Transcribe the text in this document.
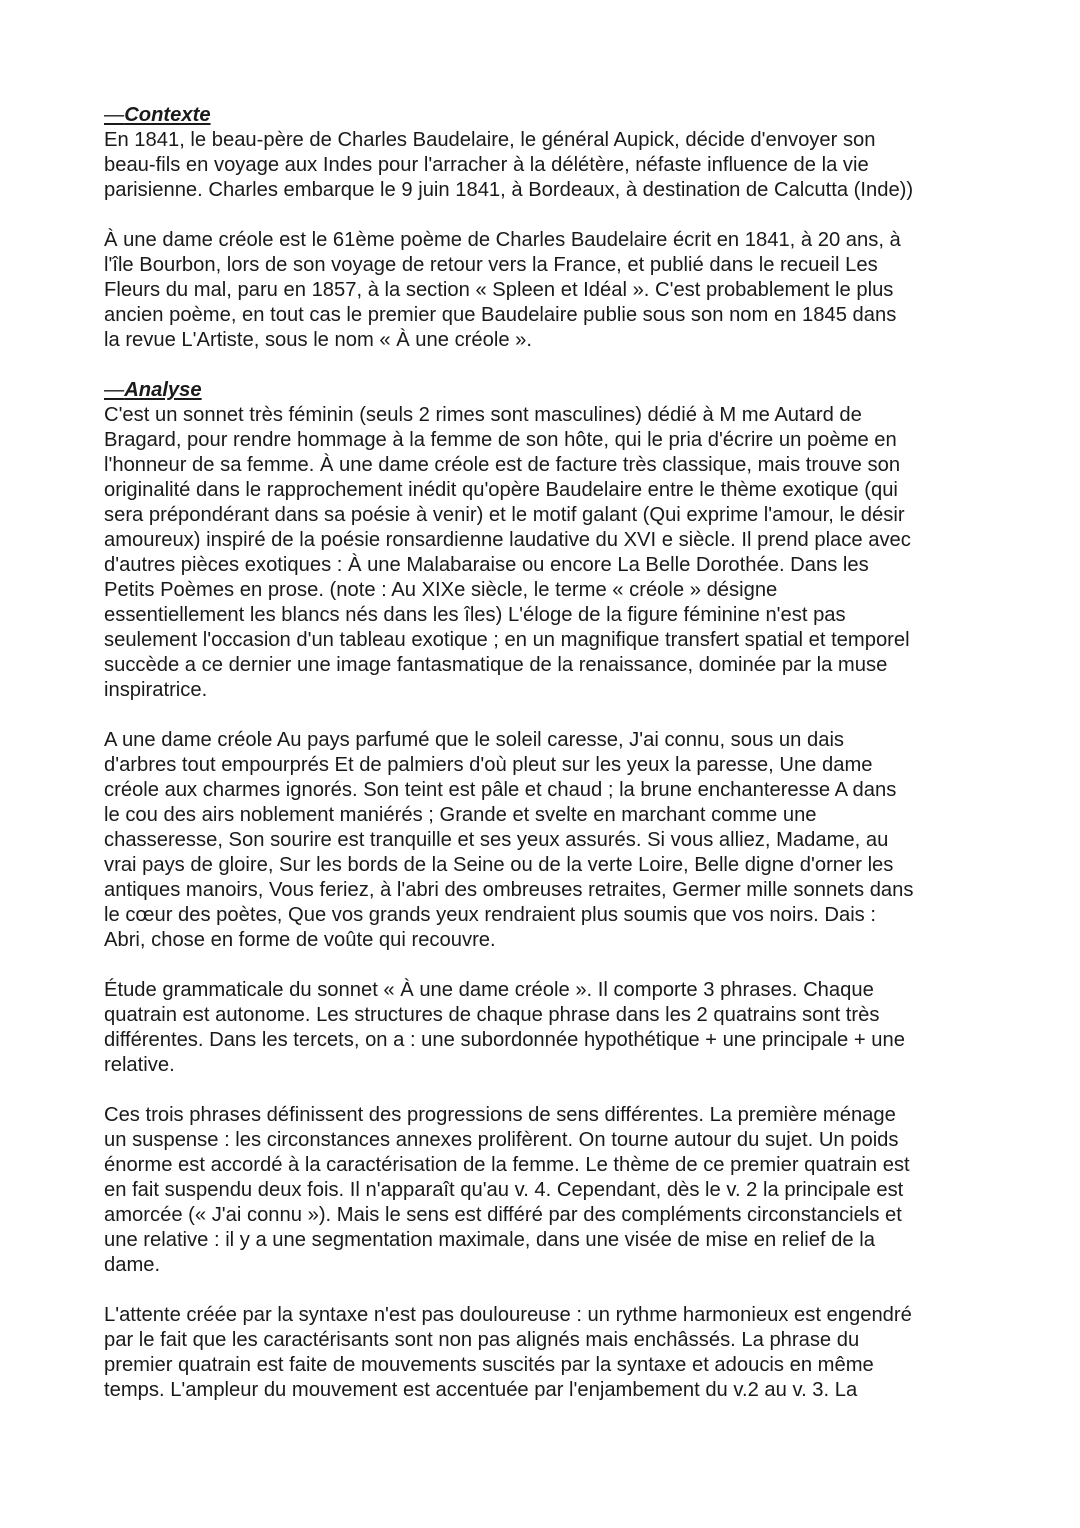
—Contexte

En 1841, le beau-père de Charles Baudelaire, le général Aupick, décide d'envoyer son
beau-fils en voyage aux Indes pour l'arracher à la délétère, néfaste influence de la vie
parisienne. Charles embarque le 9 juin 1841, à Bordeaux, à destination de Calcutta (Inde))

À une dame créole est le 61ème poème de Charles Baudelaire écrit en 1841, à 20 ans, à
l'île Bourbon, lors de son voyage de retour vers la France, et publié dans le recueil Les
Fleurs du mal, paru en 1857, à la section « Spleen et Idéal ». C'est probablement le plus
ancien poème, en tout cas le premier que Baudelaire publie sous son nom en 1845 dans
la revue L'Artiste, sous le nom « À une créole ».

—Analyse

C'est un sonnet très féminin (seuls 2 rimes sont masculines) dédié à M me Autard de
Bragard, pour rendre hommage à la femme de son hôte, qui le pria d'écrire un poème en
l'honneur de sa femme. À une dame créole est de facture très classique, mais trouve son
originalité dans le rapprochement inédit qu'opère Baudelaire entre le thème exotique (qui
sera prépondérant dans sa poésie à venir) et le motif galant (Qui exprime l'amour, le désir
amoureux) inspiré de la poésie ronsardienne laudative du XVI e siècle. Il prend place avec
d'autres pièces exotiques : À une Malabaraise ou encore La Belle Dorothée. Dans les
Petits Poèmes en prose. (note : Au XIXe siècle, le terme « créole » désigne
essentiellement les blancs nés dans les îles) L'éloge de la figure féminine n'est pas
seulement l'occasion d'un tableau exotique ; en un magnifique transfert spatial et temporel
succède a ce dernier une image fantasmatique de la renaissance, dominée par la muse
inspiratrice.

A une dame créole Au pays parfumé que le soleil caresse, J'ai connu, sous un dais
d'arbres tout empourprés Et de palmiers d'où pleut sur les yeux la paresse, Une dame
créole aux charmes ignorés. Son teint est pâle et chaud ; la brune enchanteresse A dans
le cou des airs noblement maniérés ; Grande et svelte en marchant comme une
chasseresse, Son sourire est tranquille et ses yeux assurés. Si vous alliez, Madame, au
vrai pays de gloire, Sur les bords de la Seine ou de la verte Loire, Belle digne d'orner les
antiques manoirs, Vous feriez, à l'abri des ombreuses retraites, Germer mille sonnets dans
le cœur des poètes, Que vos grands yeux rendraient plus soumis que vos noirs. Dais :
Abri, chose en forme de voûte qui recouvre.

Étude grammaticale du sonnet « À une dame créole ». Il comporte 3 phrases. Chaque
quatrain est autonome. Les structures de chaque phrase dans les 2 quatrains sont très
différentes. Dans les tercets, on a : une subordonnée hypothétique + une principale + une
relative.

Ces trois phrases définissent des progressions de sens différentes. La première ménage
un suspense : les circonstances annexes prolifèrent. On tourne autour du sujet. Un poids
énorme est accordé à la caractérisation de la femme. Le thème de ce premier quatrain est
en fait suspendu deux fois. Il n'apparaît qu'au v. 4. Cependant, dès le v. 2 la principale est
amorcée (« J'ai connu »). Mais le sens est différé par des compléments circonstanciels et
une relative : il y a une segmentation maximale, dans une visée de mise en relief de la
dame.

L'attente créée par la syntaxe n'est pas douloureuse : un rythme harmonieux est engendré
par le fait que les caractérisants sont non pas alignés mais enchâssés. La phrase du
premier quatrain est faite de mouvements suscités par la syntaxe et adoucis en même
temps. L'ampleur du mouvement est accentuée par l'enjambement du v.2 au v. 3. La
